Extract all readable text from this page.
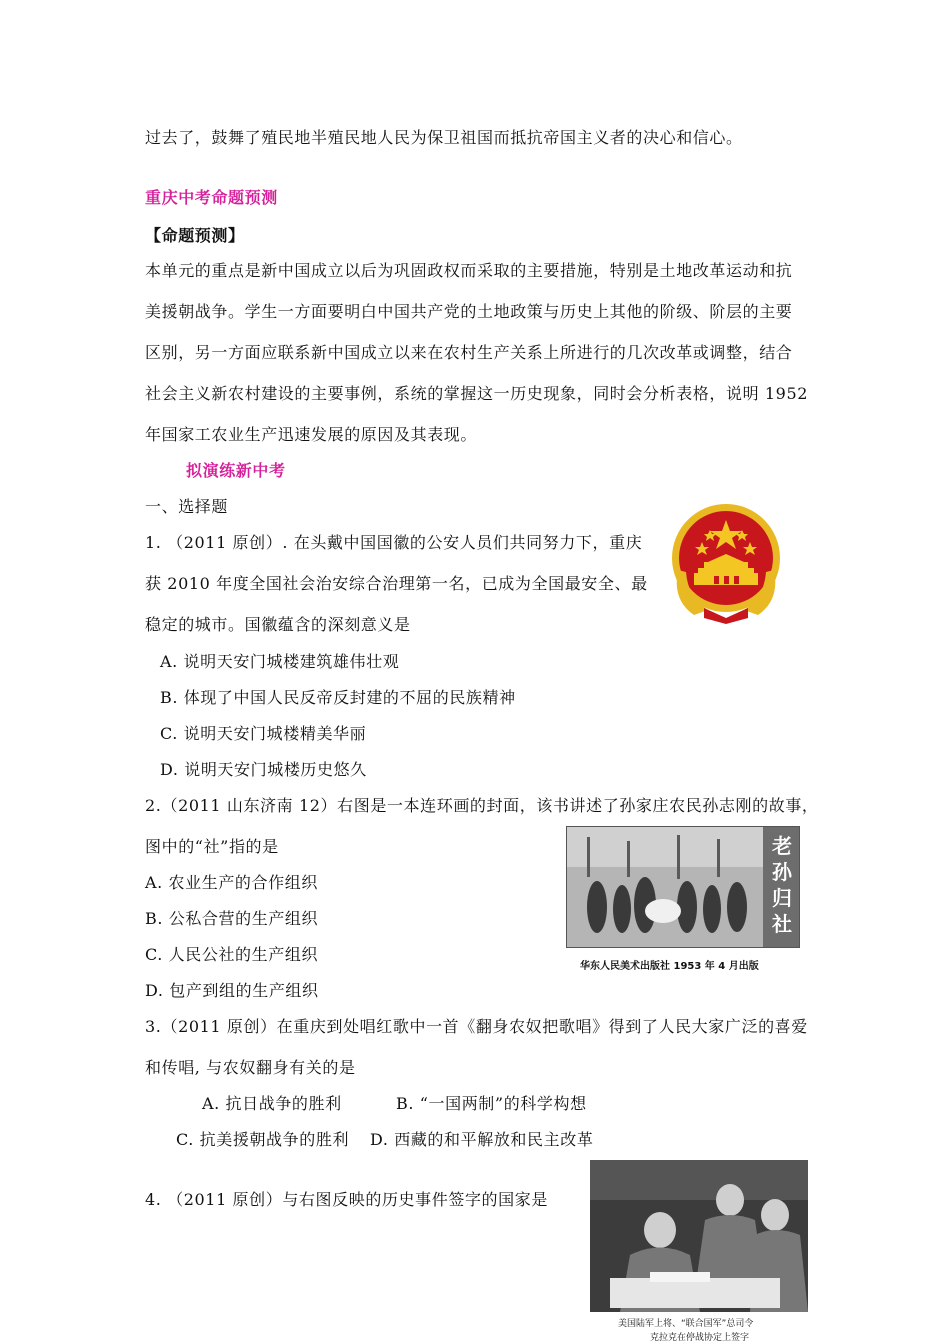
过去了，鼓舞了殖民地半殖民地人民为保卫祖国而抵抗帝国主义者的决心和信心。
重庆中考命题预测
【命题预测】
本单元的重点是新中国成立以后为巩固政权而采取的主要措施，特别是土地改革运动和抗
美援朝战争。学生一方面要明白中国共产党的土地政策与历史上其他的阶级、阶层的主要
区别，另一方面应联系新中国成立以来在农村生产关系上所进行的几次改革或调整，结合
社会主义新农村建设的主要事例，系统的掌握这一历史现象，同时会分析表格，说明 1952
年国家工农业生产迅速发展的原因及其表现。
拟演练新中考
一、选择题
1. （2011 原创）. 在头戴中国国徽的公安人员们共同努力下，重庆
获 2010 年度全国社会治安综合治理第一名，已成为全国最安全、最
稳定的城市。国徽蕴含的深刻意义是
A. 说明天安门城楼建筑雄伟壮观
B. 体现了中国人民反帝反封建的不屈的民族精神
C. 说明天安门城楼精美华丽
D. 说明天安门城楼历史悠久
2.（2011 山东济南 12）右图是一本连环画的封面，该书讲述了孙家庄农民孙志刚的故事，
图中的“社”指的是
A. 农业生产的合作组织
B. 公私合营的生产组织
C. 人民公社的生产组织
D. 包产到组的生产组织
老孙归社
华东人民美术出版社 1953 年 4 月出版
3.（2011 原创）在重庆到处唱红歌中一首《翻身农奴把歌唱》得到了人民大家广泛的喜爱
和传唱, 与农奴翻身有关的是
A. 抗日战争的胜利	B. “一国两制”的科学构想
C. 抗美援朝战争的胜利 D. 西藏的和平解放和民主改革
4. （2011 原创）与右图反映的历史事件签字的国家是
美国陆军上将、“联合国军”总司令
克拉克在停战协定上签字
